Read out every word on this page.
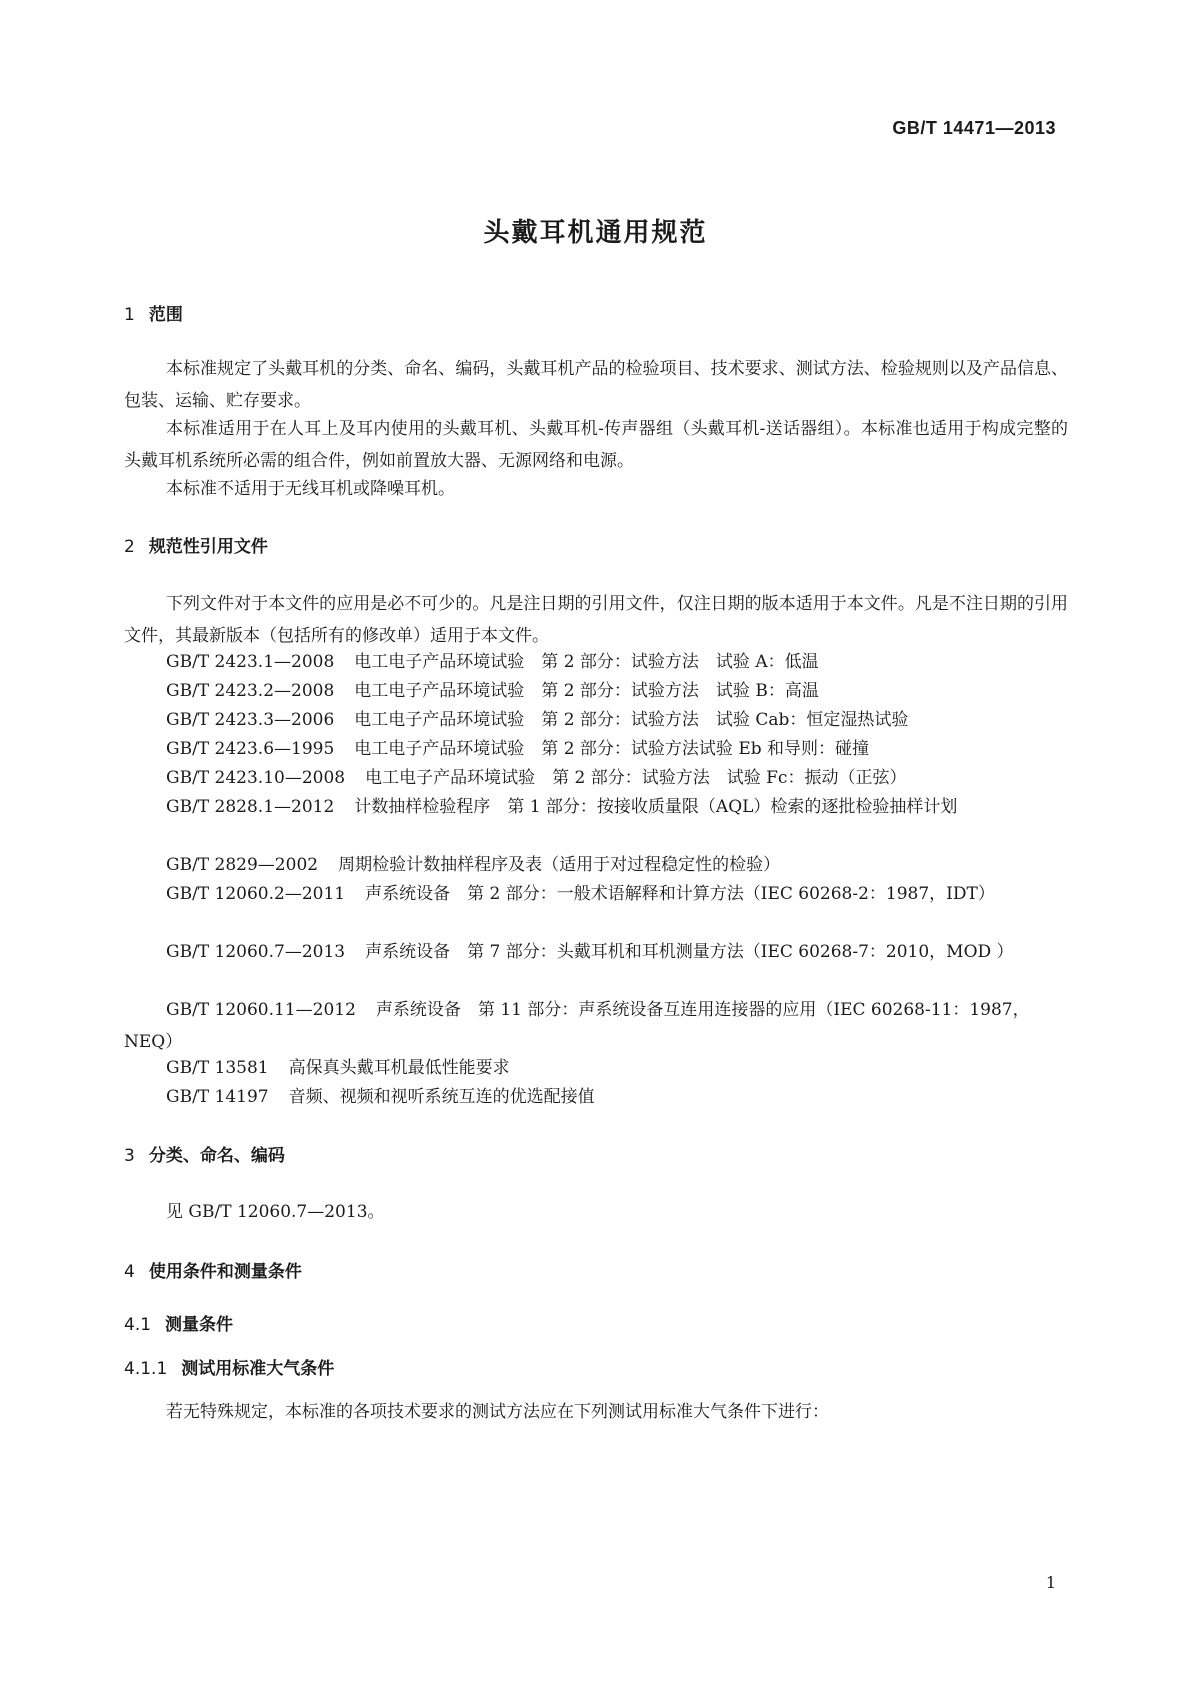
GB/T 14471—2013
头戴耳机通用规范
1 范围

本标准规定了头戴耳机的分类、命名、编码，头戴耳机产品的检验项目、技术要求、测试方法、检验规则以及产品信息、包装、运输、贮存要求。

本标准适用于在人耳上及耳内使用的头戴耳机、头戴耳机-传声器组（头戴耳机-送话器组）。本标准也适用于构成完整的头戴耳机系统所必需的组合件，例如前置放大器、无源网络和电源。

本标准不适用于无线耳机或降噪耳机。

2 规范性引用文件

下列文件对于本文件的应用是必不可少的。凡是注日期的引用文件，仅注日期的版本适用于本文件。凡是不注日期的引用文件，其最新版本（包括所有的修改单）适用于本文件。

GB/T 2423.1—2008 电工电子产品环境试验　第 2 部分：试验方法　试验 A：低温

GB/T 2423.2—2008 电工电子产品环境试验　第 2 部分：试验方法　试验 B：高温

GB/T 2423.3—2006 电工电子产品环境试验　第 2 部分：试验方法　试验 Cab：恒定湿热试验

GB/T 2423.6—1995 电工电子产品环境试验　第 2 部分：试验方法试验 Eb 和导则：碰撞

GB/T 2423.10—2008 电工电子产品环境试验　第 2 部分：试验方法　试验 Fc：振动（正弦）

GB/T 2828.1—2012 计数抽样检验程序　第 1 部分：按接收质量限（AQL）检索的逐批检验抽样计划

GB/T 2829—2002 周期检验计数抽样程序及表（适用于对过程稳定性的检验）

GB/T 12060.2—2011 声系统设备　第 2 部分：一般术语解释和计算方法（IEC 60268-2：1987，IDT）

GB/T 12060.7—2013 声系统设备　第 7 部分：头戴耳机和耳机测量方法（IEC 60268-7：2010，MOD ）

GB/T 12060.11—2012 声系统设备　第 11 部分：声系统设备互连用连接器的应用（IEC 60268-11：1987，NEQ）

GB/T 13581 高保真头戴耳机最低性能要求

GB/T 14197 音频、视频和视听系统互连的优选配接值

3 分类、命名、编码

见 GB/T 12060.7—2013。

4 使用条件和测量条件
4.1 测量条件
4.1.1 测试用标准大气条件

若无特殊规定，本标准的各项技术要求的测试方法应在下列测试用标准大气条件下进行：

1
